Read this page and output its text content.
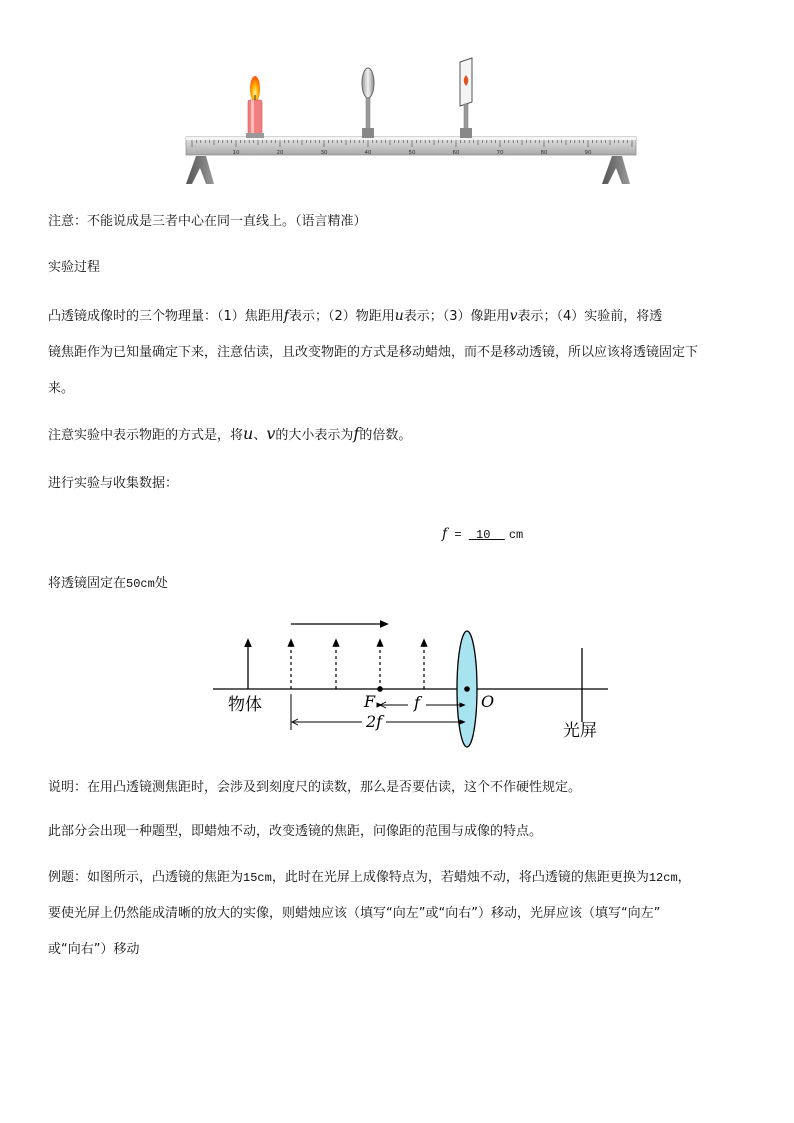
10	20	30	40	50	60	70	80	90

注意：不能说成是三者中心在同一直线上。（语言精准）

实验过程

凸透镜成像时的三个物理量：（1）焦距用f表示；（2）物距用u表示；（3）像距用v表示；（4）实验前，将透
镜焦距作为已知量确定下来，注意估读，且改变物距的方式是移动蜡烛，而不是移动透镜，所以应该将透镜固定下
来。

注意实验中表示物距的方式是，将u、v的大小表示为f的倍数。

进行实验与收集数据：

f =  10 cm

将透镜固定在50cm处

物体	F f	O
2f	光屏

说明：在用凸透镜测焦距时，会涉及到刻度尺的读数，那么是否要估读，这个不作硬性规定。

此部分会出现一种题型，即蜡烛不动，改变透镜的焦距，问像距的范围与成像的特点。

例题：如图所示，凸透镜的焦距为15cm，此时在光屏上成像特点为，若蜡烛不动，将凸透镜的焦距更换为12cm，
要使光屏上仍然能成清晰的放大的实像，则蜡烛应该（填写“向左”或“向右”）移动，光屏应该（填写“向左”
或“向右”）移动
